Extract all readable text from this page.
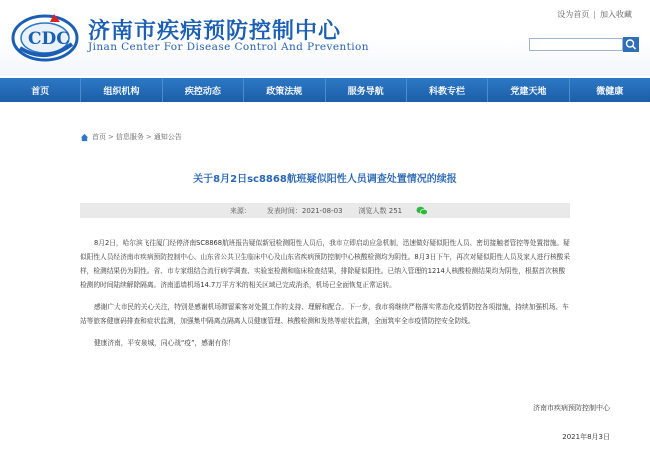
CDC 济南市疾病预防控制中心
Jinan Center For Disease Control And Prevention
设为首页 | 加入收藏
首页	组织机构	疾控动态	政策法规	服务导航	科教专栏	党建天地	微健康
首页 > 信息服务 > 通知公告
关于8月2日sc8868航班疑似阳性人员调查处置情况的续报
来源： 发表时间：2021-08-03 浏览人数 251

8月2日，哈尔滨飞往厦门经停济南SC8868航班报告疑似新冠检测阳性人员后，我市立即启动应急机制，迅速做好疑似阳性人员、密切接触者管控等处置措施。疑似阳性人员经济南市疾病预防控制中心、山东省公共卫生临床中心及山东省疾病预防控制中心核酸检测均为阴性。8月3日下午，再次对疑似阳性人员及家人进行核酸采样，检测结果仍为阴性。省、市专家组结合流行病学调查、实验室检测和临床检查结果，排除疑似阳性。已纳入管理的1214人核酸检测结果均为阴性，根据首次核酸检测的时间陆续解除隔离。济南遥墙机场14.7万平方米的相关区域已完成消杀，机场已全面恢复正常运转。

感谢广大市民的关心关注，特别是感谢机场滞留乘客对处置工作的支持、理解和配合。下一步，我市将继续严格落实常态化疫情防控各项措施，持续加强机场、车站等旅客健康码排查和症状监测，加强集中隔离点隔离人员健康管理、核酸检测和发热等症状监测，全面筑牢全市疫情防控安全防线。

健康济南，平安泉城，同心战“疫”，感谢有你！

济南市疾病预防控制中心
2021年8月3日
